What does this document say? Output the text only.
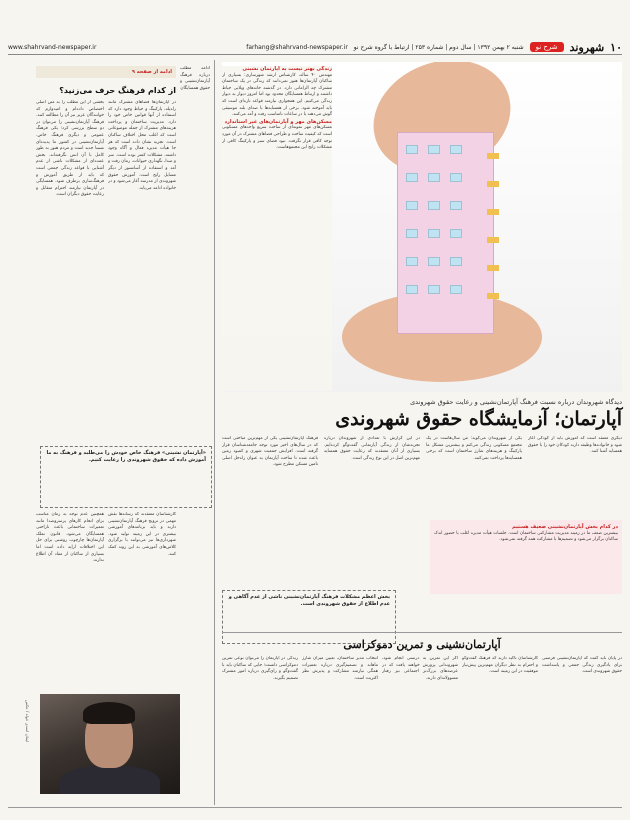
www.shahrvand-newspaper.ir	farhang@shahrvand-newspaper.ir شنبه ۲ بهمن ۱۳۹۲ | سال دوم | شماره ۲۵۳ | ارتباط با گروه شرح نو	شرح نو	شهروند ۱۰
ادامه از صفحه ۹
از کدام فرهنگ حرف می‌زنید؟

بخشی از این مطلب را به متن اصلی اختصاص داده‌ام و امیدوارم که خوانندگان عزیز نیز آن را مطالعه کنند. فرهنگ آپارتمان‌نشینی را می‌توان در دو سطح بررسی کرد؛ یکی فرهنگ عمومی و دیگری فرهنگ خاص. آپارتمان‌نشینی در کشور ما پدیده‌ای نسبتا جدید است و مردم هنوز به طور کامل با آن انس نگرفته‌اند. بخش عمده‌ای از مشکلات ناشی از عدم آشنایی با قواعد زندگی جمعی است که باید از طریق آموزش و فرهنگ‌سازی برطرف شود. همسایگی در آپارتمان نیازمند احترام متقابل و رعایت حقوق دیگران است.

در آپارتمان‌ها فضاهای مشترک مانند راه‌پله، پارکینگ و حیاط وجود دارد که استفاده از آنها قوانین خاص خود را دارد. مدیریت ساختمان و پرداخت هزینه‌های مشترک از جمله موضوعاتی است که اغلب محل اختلاف ساکنان است. تجربه نشان داده است که هر جا هیأت مدیره فعال و آگاه وجود داشته، مشکلات کمتر بوده است. سر و صدا، نگهداری حیوانات، زمان رفت و آمد و استفاده از آسانسور از دیگر مسایل رایج است. آموزش حقوق شهروندی از مدرسه آغاز می‌شود و در خانواده ادامه می‌یابد.

«آپارتمان نشینی» فرهنگ خاص خودش را می‌طلبد و فرهنگ به ما آموزش داده که حقوق شهروندی را رعایت کنیم.

همچنین عدم توجه به زمان مناسب برای انجام کارهای پرسروصدا مانند تعمیرات ساختمانی باعث ناراحتی همسایگان می‌شود. قانون تملک آپارتمان‌ها چارچوب روشنی برای حل این اختلافات ارایه داده است اما بسیاری از ساکنان از مفاد آن اطلاع ندارند.

کارشناسان معتقدند که رسانه‌ها نقش مهمی در ترویج فرهنگ آپارتمان‌نشینی دارند و باید برنامه‌های آموزشی بیشتری در این زمینه تولید شود. شهرداری‌ها نیز می‌توانند با برگزاری کلاس‌های آموزشی به این روند کمک کنند.

ایمان اسدی خواه / عکس

ادامه مطلب درباره فرهنگ آپارتمان‌نشینی و حقوق همسایگان

زندگی بهتر نیست به آپارتمان نشینی

مهندس ۴۰ ساله، کارشناس ارشد شهرسازی: بسیاری از ساکنان آپارتمان‌ها هنوز نمی‌دانند که زندگی در یک ساختمان مشترک چه الزاماتی دارد. در گذشته خانه‌های ویلایی حیاط داشتند و ارتباط همسایگان محدود بود اما امروز دیوار به دیوار زندگی می‌کنیم. این همجواری نیازمند قواعد تازه‌ای است که باید آموخته شود. برخی از همسایه‌ها با صدای بلند موسیقی گوش می‌دهند یا در ساعات نامناسب رفت و آمد می‌کنند.

مسکن‌های مهر و آپارتمان‌های غیر استاندارد

مسکن‌های مهر نمونه‌ای از ساخت سریع واحدهای مسکونی است که کیفیت ساخت و طراحی فضاهای مشترک در آن مورد توجه کافی قرار نگرفت. نبود فضای سبز و پارکینگ کافی از مشکلات رایج این مجتمع‌هاست.

دیدگاه شهروندان درباره نسبت فرهنگ آپارتمان‌نشینی و رعایت حقوق شهروندی
آپارتمان؛ آزمایشگاه حقوق شهروندی

فرهنگ آپارتمان‌نشینی یکی از مهم‌ترین مباحثی است که در سال‌های اخیر مورد توجه جامعه‌شناسان قرار گرفته است. افزایش جمعیت شهری و کمبود زمین باعث شده تا ساخت آپارتمان به عنوان راه‌حل اصلی تامین مسکن مطرح شود.

در این گزارش با تعدادی از شهروندان درباره تجربه‌شان از زندگی آپارتمانی گفت‌وگو کرده‌ایم. بسیاری از آنان معتقدند که رعایت حقوق همسایه مهم‌ترین اصل در این نوع زندگی است.

یکی از شهروندان می‌گوید: من سال‌هاست در یک مجتمع مسکونی زندگی می‌کنم و بیشترین مشکل ما پارکینگ و هزینه‌های شارژ ساختمان است که برخی همسایه‌ها پرداخت نمی‌کنند.

دیگری معتقد است که آموزش باید از کودکی آغاز شود و خانواده‌ها وظیفه دارند کودکان خود را با حقوق همسایه آشنا کنند.

در کدام بخش آپارتمان‌نشینی ضعیف هستیم

بیشترین ضعف ما در زمینه مدیریت مشارکتی ساختمان است. جلسات هیأت مدیره اغلب با حضور اندک ساکنان برگزار می‌شود و تصمیم‌ها با مشارکت همه گرفته نمی‌شود.

بخش اعظم مشکلات فرهنگ آپارتمان‌نشینی ناشی از عدم آگاهی و عدم اطلاع از حقوق شهروندی است.

آپارتمان‌نشینی و تمرین دموکراسی

زندگی در آپارتمان را می‌توان نوعی تمرین دموکراسی دانست؛ جایی که ساکنان باید با گفت‌وگو و رای‌گیری درباره امور مشترک تصمیم بگیرند.

انتخاب مدیر ساختمان، تعیین میزان شارژ ماهانه و تصمیم‌گیری درباره تعمیرات همگی نیازمند مشارکت و پذیرش نظر اکثریت است.

اگر این تمرین به درستی انجام شود، شهروندانی پرورش خواهند یافت که در عرصه‌های بزرگ‌تر اجتماعی نیز رفتار مسوولانه‌ای دارند.

کارشناسان تاکید دارند که فرهنگ گفت‌وگو و احترام به نظر دیگران مهم‌ترین پیش‌نیاز موفقیت در این زمینه است.

در پایان باید گفت که آپارتمان‌نشینی فرصتی برای یادگیری زندگی جمعی و پاسداشت حقوق شهروندی است.
